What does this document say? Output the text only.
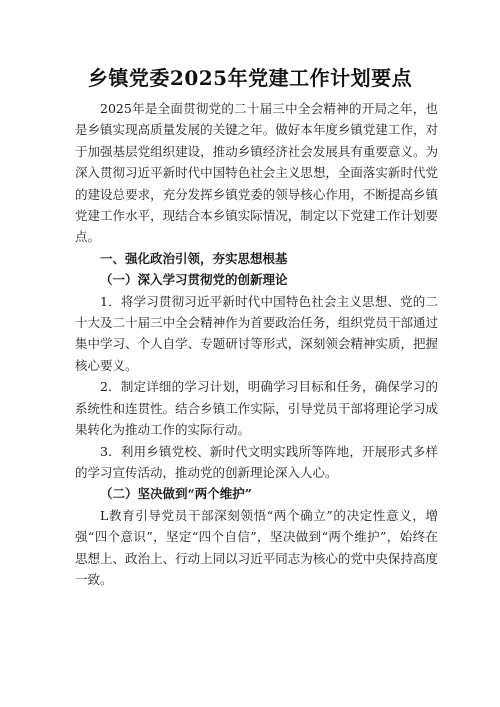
乡镇党委2025年党建工作计划要点

2025年是全面贯彻党的二十届三中全会精神的开局之年，也是乡镇实现高质量发展的关键之年。做好本年度乡镇党建工作，对于加强基层党组织建设，推动乡镇经济社会发展具有重要意义。为深入贯彻习近平新时代中国特色社会主义思想，全面落实新时代党的建设总要求，充分发挥乡镇党委的领导核心作用，不断提高乡镇党建工作水平，现结合本乡镇实际情况，制定以下党建工作计划要点。

一、强化政治引领，夯实思想根基

（一）深入学习贯彻党的创新理论

1．将学习贯彻习近平新时代中国特色社会主义思想、党的二十大及二十届三中全会精神作为首要政治任务，组织党员干部通过集中学习、个人自学、专题研讨等形式，深刻领会精神实质，把握核心要义。

2．制定详细的学习计划，明确学习目标和任务，确保学习的系统性和连贯性。结合乡镇工作实际，引导党员干部将理论学习成果转化为推动工作的实际行动。

3．利用乡镇党校、新时代文明实践所等阵地，开展形式多样的学习宣传活动，推动党的创新理论深入人心。

（二）坚决做到“两个维护”

L教育引导党员干部深刻领悟“两个确立”的决定性意义，增强“四个意识”，坚定“四个自信”，坚决做到“两个维护”，始终在思想上、政治上、行动上同以习近平同志为核心的党中央保持高度一致。
